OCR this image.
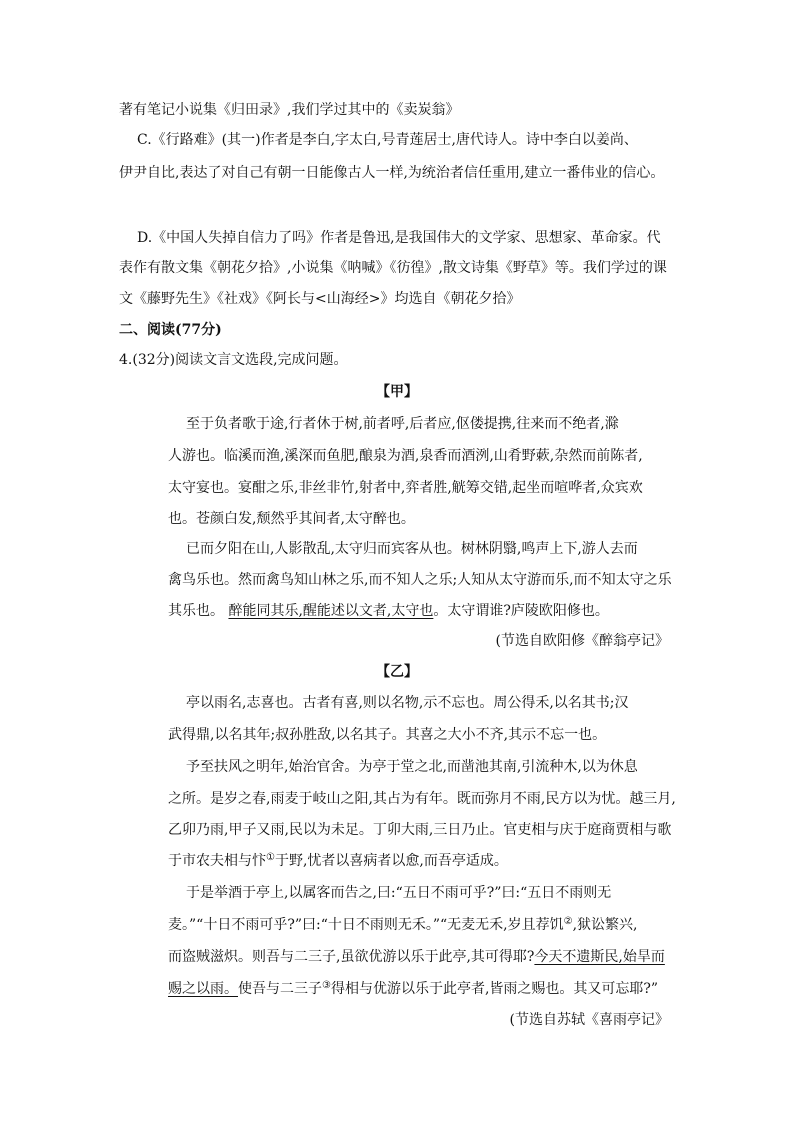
著有笔记小说集《归田录》,我们学过其中的《卖炭翁》
C.《行路难》(其一)作者是李白,字太白,号青莲居士,唐代诗人。诗中李白以姜尚、
伊尹自比,表达了对自己有朝一日能像古人一样,为统治者信任重用,建立一番伟业的信心。
D.《中国人失掉自信力了吗》作者是鲁迅,是我国伟大的文学家、思想家、革命家。代
表作有散文集《朝花夕拾》,小说集《呐喊》《彷徨》,散文诗集《野草》等。我们学过的课
文《藤野先生》《社戏》《阿长与<山海经>》均选自《朝花夕拾》
二、阅读(77分)
4.(32分)阅读文言文选段,完成问题。
【甲】
至于负者歌于途,行者休于树,前者呼,后者应,伛偻提携,往来而不绝者,滁
人游也。临溪而渔,溪深而鱼肥,酿泉为酒,泉香而酒洌,山肴野蔌,杂然而前陈者,
太守宴也。宴酣之乐,非丝非竹,射者中,弈者胜,觥筹交错,起坐而喧哗者,众宾欢
也。苍颜白发,颓然乎其间者,太守醉也。
已而夕阳在山,人影散乱,太守归而宾客从也。树林阴翳,鸣声上下,游人去而
禽鸟乐也。然而禽鸟知山林之乐,而不知人之乐;人知从太守游而乐,而不知太守之乐
其乐也。 醉能同其乐,醒能述以文者,太守也。太守谓谁?庐陵欧阳修也。
(节选自欧阳修《醉翁亭记》
【乙】
亭以雨名,志喜也。古者有喜,则以名物,示不忘也。周公得禾,以名其书;汉
武得鼎,以名其年;叔孙胜敌,以名其子。其喜之大小不齐,其示不忘一也。
予至扶风之明年,始治官舍。为亭于堂之北,而凿池其南,引流种木,以为休息
之所。是岁之春,雨麦于岐山之阳,其占为有年。既而弥月不雨,民方以为忧。越三月,
乙卯乃雨,甲子又雨,民以为未足。丁卯大雨,三日乃止。官吏相与庆于庭商贾相与歌
于市农夫相与忭①于野,忧者以喜病者以愈,而吾亭适成。
于是举酒于亭上,以属客而告之,曰:“五日不雨可乎?”曰:“五日不雨则无
麦。”“十日不雨可乎?”曰:“十日不雨则无禾。”“无麦无禾,岁且荐饥②,狱讼繁兴,
而盗贼滋炽。则吾与二三子,虽欲优游以乐于此亭,其可得耶?今天不遗斯民,始旱而
赐之以雨。使吾与二三子③得相与优游以乐于此亭者,皆雨之赐也。其又可忘耶?”
(节选自苏轼《喜雨亭记》
